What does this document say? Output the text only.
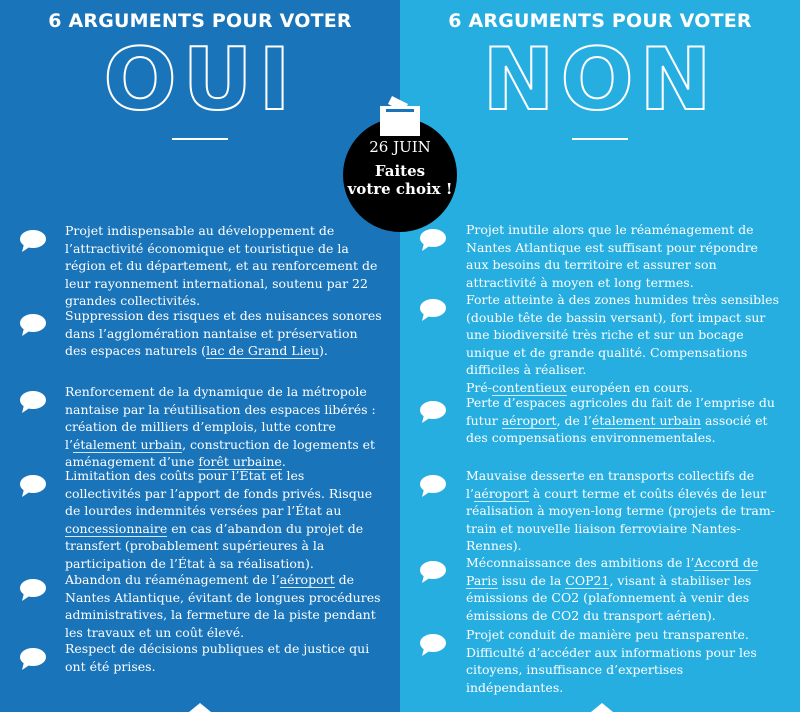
6 ARGUMENTS POUR VOTER
OUI
Projet indispensable au développement de l’attractivité économique et touristique de la région et du département, et au renforcement de leur rayonnement international, soutenu par 22 grandes collectivités.
Suppression des risques et des nuisances sonores dans l’agglomération nantaise et préservation des espaces naturels (lac de Grand Lieu).
Renforcement de la dynamique de la métropole nantaise par la réutilisation des espaces libérés : création de milliers d’emplois, lutte contre l’étalement urbain, construction de logements et aménagement d’une forêt urbaine.
Limitation des coûts pour l’État et les collectivités par l’apport de fonds privés. Risque de lourdes indemnités versées par l’État au concessionnaire en cas d’abandon du projet de transfert (probablement supérieures à la participation de l’État à sa réalisation).
Abandon du réaménagement de l’aéroport de Nantes Atlantique, évitant de longues procédures administratives, la fermeture de la piste pendant les travaux et un coût élevé.
Respect de décisions publiques et de justice qui ont été prises.
6 ARGUMENTS POUR VOTER
NON
Projet inutile alors que le réaménagement de Nantes Atlantique est suffisant pour répondre aux besoins du territoire et assurer son attractivité à moyen et long termes.
Forte atteinte à des zones humides très sensibles (double tête de bassin versant), fort impact sur une biodiversité très riche et sur un bocage unique et de grande qualité. Compensations difficiles à réaliser.
Pré-contentieux européen en cours.
Perte d’espaces agricoles du fait de l’emprise du futur aéroport, de l’étalement urbain associé et des compensations environnementales.
Mauvaise desserte en transports collectifs de l’aéroport à court terme et coûts élevés de leur réalisation à moyen-long terme (projets de tram-train et nouvelle liaison ferroviaire Nantes-Rennes).
Méconnaissance des ambitions de l’Accord de Paris issu de la COP21, visant à stabiliser les émissions de CO2 (plafonnement à venir des émissions de CO2 du transport aérien).
Projet conduit de manière peu transparente. Difficulté d’accéder aux informations pour les citoyens, insuffisance d’expertises indépendantes.
26 JUIN
Faites
votre choix !
